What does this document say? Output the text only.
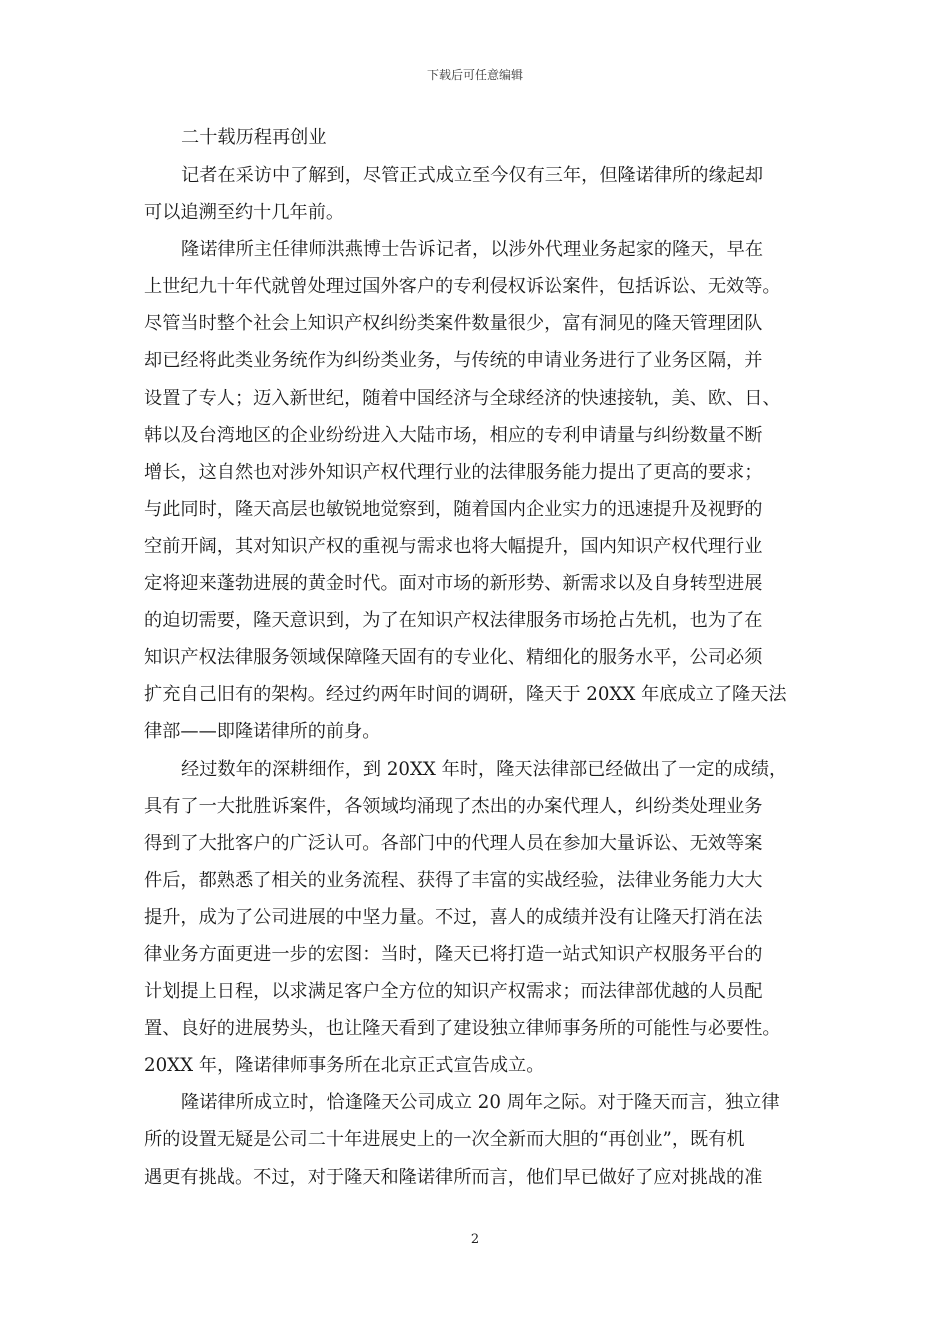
下载后可任意编辑

二十载历程再创业

记者在采访中了解到，尽管正式成立至今仅有三年，但隆诺律所的缘起却

可以追溯至约十几年前。

隆诺律所主任律师洪燕博士告诉记者，以涉外代理业务起家的隆天，早在

上世纪九十年代就曾处理过国外客户的专利侵权诉讼案件，包括诉讼、无效等。

尽管当时整个社会上知识产权纠纷类案件数量很少，富有洞见的隆天管理团队

却已经将此类业务统作为纠纷类业务，与传统的申请业务进行了业务区隔，并

设置了专人；迈入新世纪，随着中国经济与全球经济的快速接轨，美、欧、日、

韩以及台湾地区的企业纷纷进入大陆市场，相应的专利申请量与纠纷数量不断

增长，这自然也对涉外知识产权代理行业的法律服务能力提出了更高的要求；

与此同时，隆天高层也敏锐地觉察到，随着国内企业实力的迅速提升及视野的

空前开阔，其对知识产权的重视与需求也将大幅提升，国内知识产权代理行业

定将迎来蓬勃进展的黄金时代。面对市场的新形势、新需求以及自身转型进展

的迫切需要，隆天意识到，为了在知识产权法律服务市场抢占先机，也为了在

知识产权法律服务领域保障隆天固有的专业化、精细化的服务水平，公司必须

扩充自己旧有的架构。经过约两年时间的调研，隆天于 20XX 年底成立了隆天法

律部——即隆诺律所的前身。

经过数年的深耕细作，到 20XX 年时，隆天法律部已经做出了一定的成绩，

具有了一大批胜诉案件，各领域均涌现了杰出的办案代理人，纠纷类处理业务

得到了大批客户的广泛认可。各部门中的代理人员在参加大量诉讼、无效等案

件后，都熟悉了相关的业务流程、获得了丰富的实战经验，法律业务能力大大

提升，成为了公司进展的中坚力量。不过，喜人的成绩并没有让隆天打消在法

律业务方面更进一步的宏图：当时，隆天已将打造一站式知识产权服务平台的

计划提上日程，以求满足客户全方位的知识产权需求；而法律部优越的人员配

置、良好的进展势头，也让隆天看到了建设独立律师事务所的可能性与必要性。

20XX 年，隆诺律师事务所在北京正式宣告成立。

隆诺律所成立时，恰逢隆天公司成立 20 周年之际。对于隆天而言，独立律

所的设置无疑是公司二十年进展史上的一次全新而大胆的“再创业”，既有机

遇更有挑战。不过，对于隆天和隆诺律所而言，他们早已做好了应对挑战的准

2
